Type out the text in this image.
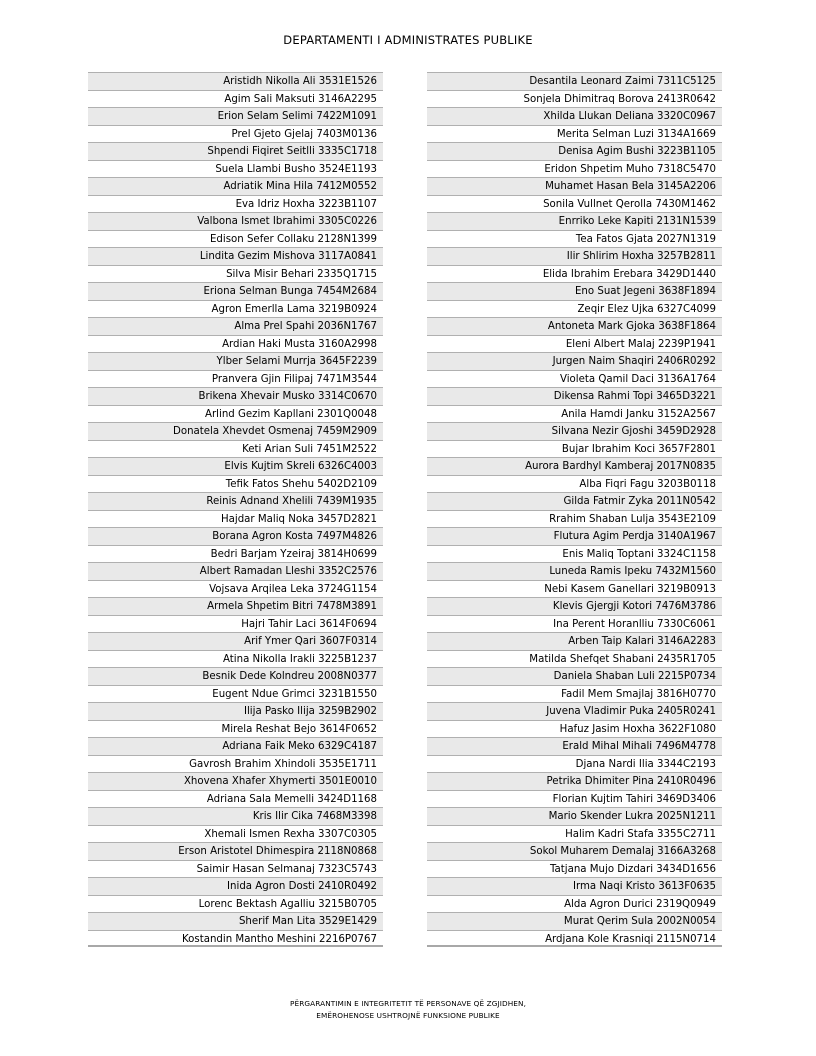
DEPARTAMENTI I ADMINISTRATES PUBLIKE
Aristidh Nikolla Ali 3531E1526
Agim Sali Maksuti 3146A2295
Erion Selam Selimi 7422M1091
Prel Gjeto Gjelaj 7403M0136
Shpendi Fiqiret Seitlli 3335C1718
Suela Llambi Busho 3524E1193
Adriatik Mina Hila 7412M0552
Eva Idriz Hoxha 3223B1107
Valbona Ismet Ibrahimi 3305C0226
Edison Sefer Collaku 2128N1399
Lindita Gezim Mishova 3117A0841
Silva Misir Behari 2335Q1715
Eriona Selman Bunga 7454M2684
Agron Emerlla Lama 3219B0924
Alma Prel Spahi 2036N1767
Ardian Haki Musta 3160A2998
Ylber Selami Murrja 3645F2239
Pranvera Gjin Filipaj 7471M3544
Brikena Xhevair Musko 3314C0670
Arlind Gezim Kapllani 2301Q0048
Donatela Xhevdet Osmenaj 7459M2909
Keti Arian Suli 7451M2522
Elvis Kujtim Skreli 6326C4003
Tefik Fatos Shehu 5402D2109
Reinis Adnand Xhelili 7439M1935
Hajdar Maliq Noka 3457D2821
Borana Agron Kosta 7497M4826
Bedri Barjam Yzeiraj 3814H0699
Albert Ramadan Lleshi 3352C2576
Vojsava Arqilea Leka 3724G1154
Armela Shpetim Bitri 7478M3891
Hajri Tahir Laci 3614F0694
Arif Ymer Qari 3607F0314
Atina Nikolla Irakli 3225B1237
Besnik Dede Kolndreu 2008N0377
Eugent Ndue Grimci 3231B1550
Ilija Pasko Ilija 3259B2902
Mirela Reshat Bejo 3614F0652
Adriana Faik Meko 6329C4187
Gavrosh Brahim Xhindoli 3535E1711
Xhovena Xhafer Xhymerti 3501E0010
Adriana Sala Memelli 3424D1168
Kris Ilir Cika 7468M3398
Xhemali Ismen Rexha 3307C0305
Erson Aristotel Dhimespira 2118N0868
Saimir Hasan Selmanaj 7323C5743
Inida Agron Dosti 2410R0492
Lorenc Bektash Agalliu 3215B0705
Sherif Man Lita 3529E1429
Kostandin Mantho Meshini 2216P0767
Desantila Leonard Zaimi 7311C5125
Sonjela Dhimitraq Borova 2413R0642
Xhilda Llukan Deliana 3320C0967
Merita Selman Luzi 3134A1669
Denisa Agim Bushi 3223B1105
Eridon Shpetim Muho 7318C5470
Muhamet Hasan Bela 3145A2206
Sonila Vullnet Qerolla 7430M1462
Enrriko Leke Kapiti 2131N1539
Tea Fatos Gjata 2027N1319
Ilir Shlirim Hoxha 3257B2811
Elida Ibrahim Erebara 3429D1440
Eno Suat Jegeni 3638F1894
Zeqir Elez Ujka 6327C4099
Antoneta Mark Gjoka 3638F1864
Eleni Albert Malaj 2239P1941
Jurgen Naim Shaqiri 2406R0292
Violeta Qamil Daci 3136A1764
Dikensa Rahmi Topi 3465D3221
Anila Hamdi Janku 3152A2567
Silvana Nezir Gjoshi 3459D2928
Bujar Ibrahim Koci 3657F2801
Aurora Bardhyl Kamberaj 2017N0835
Alba Fiqri Fagu 3203B0118
Gilda Fatmir Zyka 2011N0542
Rrahim Shaban Lulja 3543E2109
Flutura Agim Perdja 3140A1967
Enis Maliq Toptani 3324C1158
Luneda Ramis Ipeku 7432M1560
Nebi Kasem Ganellari 3219B0913
Klevis Gjergji Kotori 7476M3786
Ina Perent Horanlliu 7330C6061
Arben Taip Kalari 3146A2283
Matilda Shefqet Shabani 2435R1705
Daniela Shaban Luli 2215P0734
Fadil Mem Smajlaj 3816H0770
Juvena Vladimir Puka 2405R0241
Hafuz Jasim Hoxha 3622F1080
Erald Mihal Mihali 7496M4778
Djana Nardi Ilia 3344C2193
Petrika Dhimiter Pina 2410R0496
Florian Kujtim Tahiri 3469D3406
Mario Skender Lukra 2025N1211
Halim Kadri Stafa 3355C2711
Sokol Muharem Demalaj 3166A3268
Tatjana Mujo Dizdari 3434D1656
Irma Naqi Kristo 3613F0635
Alda Agron Durici 2319Q0949
Murat Qerim Sula 2002N0054
Ardjana Kole Krasniqi 2115N0714
PËRGARANTIMIN E INTEGRITETIT TË PERSONAVE QË ZGJIDHEN,
EMËROHENOSE USHTROJNË FUNKSIONE PUBLIKE
